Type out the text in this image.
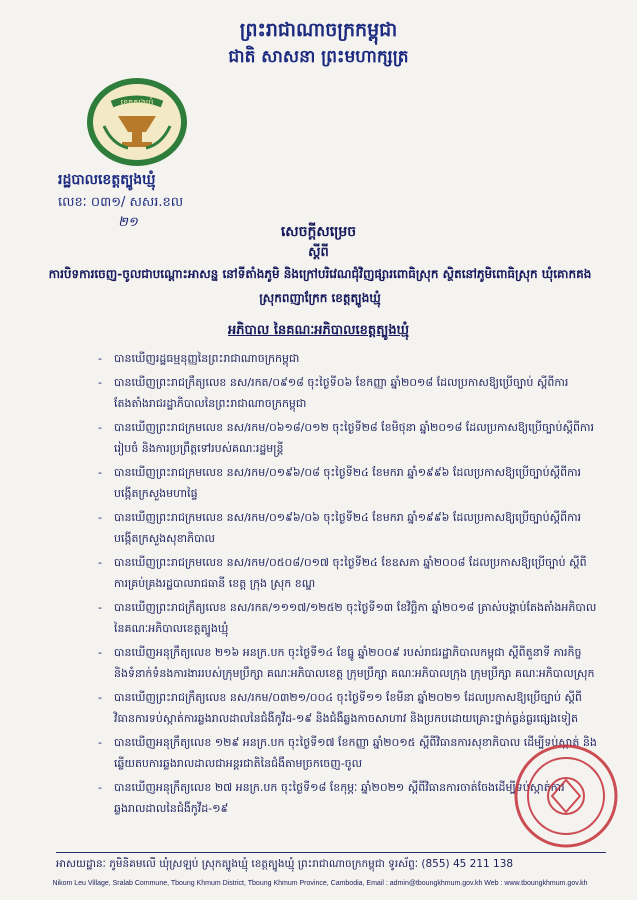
ព្រះរាជាណាចក្រកម្ពុជា
ជាតិ សាសនា ព្រះមហាក្សត្រ
ខេត្តត្បូងឃ្មុំ
រដ្ឋបាលខេត្តត្បូងឃ្មុំ
លេខៈ ០៣១/ សសរ.ខល
២១
សេចក្តីសម្រេច
ស្តីពី
ការបិទការចេញ-ចូលជាបណ្តោះអាសន្ន នៅទីតាំងភូមិ និងក្រៅបរិវេណជុំវិញផ្សារពោធិស្រុក ស្ថិតនៅភូមិពោធិស្រុក ឃុំគោកគង ស្រុកពញាក្រែក ខេត្តត្បូងឃ្មុំ
អភិបាល នៃគណៈអភិបាលខេត្តត្បូងឃ្មុំ
- បានឃើញរដ្ឋធម្មនុញ្ញនៃព្រះរាជាណាចក្រកម្ពុជា
- បានឃើញព្រះរាជក្រឹត្យលេខ នស/រកត/០៩១៨ ចុះថ្ងៃទី០៦ ខែកញ្ញា ឆ្នាំ២០១៨ ដែលប្រកាសឱ្យប្រើច្បាប់ ស្តីពីការតែងតាំងរាជរដ្ឋាភិបាលនៃព្រះរាជាណាចក្រកម្ពុជា
- បានឃើញព្រះរាជក្រមលេខ នស/រកម/០៦១៨/០១២ ចុះថ្ងៃទី២៨ ខែមិថុនា ឆ្នាំ២០១៨ ដែលប្រកាសឱ្យប្រើច្បាប់ស្តីពីការរៀបចំ និងការប្រព្រឹត្តទៅរបស់គណៈរដ្ឋមន្ត្រី
- បានឃើញព្រះរាជក្រមលេខ នស/រកម/០១៩៦/០៨ ចុះថ្ងៃទី២៤ ខែមករា ឆ្នាំ១៩៩៦ ដែលប្រកាសឱ្យប្រើច្បាប់ស្តីពីការបង្កើតក្រសួងមហាផ្ទៃ
- បានឃើញព្រះរាជក្រមលេខ នស/រកម/០១៩៦/០៦ ចុះថ្ងៃទី២៤ ខែមករា ឆ្នាំ១៩៩៦ ដែលប្រកាសឱ្យប្រើច្បាប់ស្តីពីការបង្កើតក្រសួងសុខាភិបាល
- បានឃើញព្រះរាជក្រមលេខ នស/រកម/០៥០៨/០១៧ ចុះថ្ងៃទី២៤ ខែឧសភា ឆ្នាំ២០០៨ ដែលប្រកាសឱ្យប្រើច្បាប់ ស្តីពីការគ្រប់គ្រងរដ្ឋបាលរាជធានី ខេត្ត ក្រុង ស្រុក ខណ្ឌ
- បានឃើញព្រះរាជក្រឹត្យលេខ នស/រកត/១១១៧/១២៥២ ចុះថ្ងៃទី១៣ ខែវិច្ឆិកា ឆ្នាំ២០១៨ ត្រាស់បង្គាប់តែងតាំងអភិបាល នៃគណៈអភិបាលខេត្តត្បូងឃ្មុំ
- បានឃើញអនុក្រឹត្យលេខ ២១៦ អនក្រ.បក ចុះថ្ងៃទី១៤ ខែធ្នូ ឆ្នាំ២០០៩ របស់រាជរដ្ឋាភិបាលកម្ពុជា ស្តីពីតួនាទី ភារកិច្ច និងទំនាក់ទំនងការងាររបស់ក្រុមប្រឹក្សា គណៈអភិបាលខេត្ត ក្រុមប្រឹក្សា គណៈអភិបាលក្រុង ក្រុមប្រឹក្សា គណៈអភិបាលស្រុក
- បានឃើញព្រះរាជក្រឹត្យលេខ នស/រកម/០៣២១/០០៤ ចុះថ្ងៃទី១១ ខែមីនា ឆ្នាំ២០២១ ដែលប្រកាសឱ្យប្រើច្បាប់ ស្តីពីវិធានការទប់ស្កាត់ការឆ្លងរាលដាលនៃជំងឺកូវីដ-១៩ និងជំងឺឆ្លងកាចសាហាវ និងប្រកបដោយគ្រោះថ្នាក់ធ្ងន់ធ្ងរផ្សេងទៀត
- បានឃើញអនុក្រឹត្យលេខ ១២៩ អនក្រ.បក ចុះថ្ងៃទី១៧ ខែកញ្ញា ឆ្នាំ២០១៥ ស្តីពីវិធានការសុខាភិបាល ដើម្បីទប់ស្កាត់ និងឆ្លើយតបការឆ្លងរាលដាលជាអន្តរជាតិនៃជំងឺតាមច្រកចេញ-ចូល
- បានឃើញអនុក្រឹត្យលេខ ២៧ អនក្រ.បក ចុះថ្ងៃទី១៨ ខែកុម្ភៈ ឆ្នាំ២០២១ ស្តីពីវិធានការចាត់ចែងដើម្បីទប់ស្កាត់ការឆ្លងរាលដាលនៃជំងឺកូវីដ-១៩
អាសយដ្ឋានៈ ភូមិនិគមលើ ឃុំស្រឡប់ ស្រុកត្បូងឃ្មុំ ខេត្តត្បូងឃ្មុំ ព្រះរាជាណាចក្រកម្ពុជា ទូរស័ព្ទៈ (855) 45 211 138
Nikom Leu Village, Sralab Commune, Tboung Khmum District, Tboung Khmum Province, Cambodia, Email : admin@tboungkhmum.gov.kh Web : www.tboungkhmum.gov.kh
